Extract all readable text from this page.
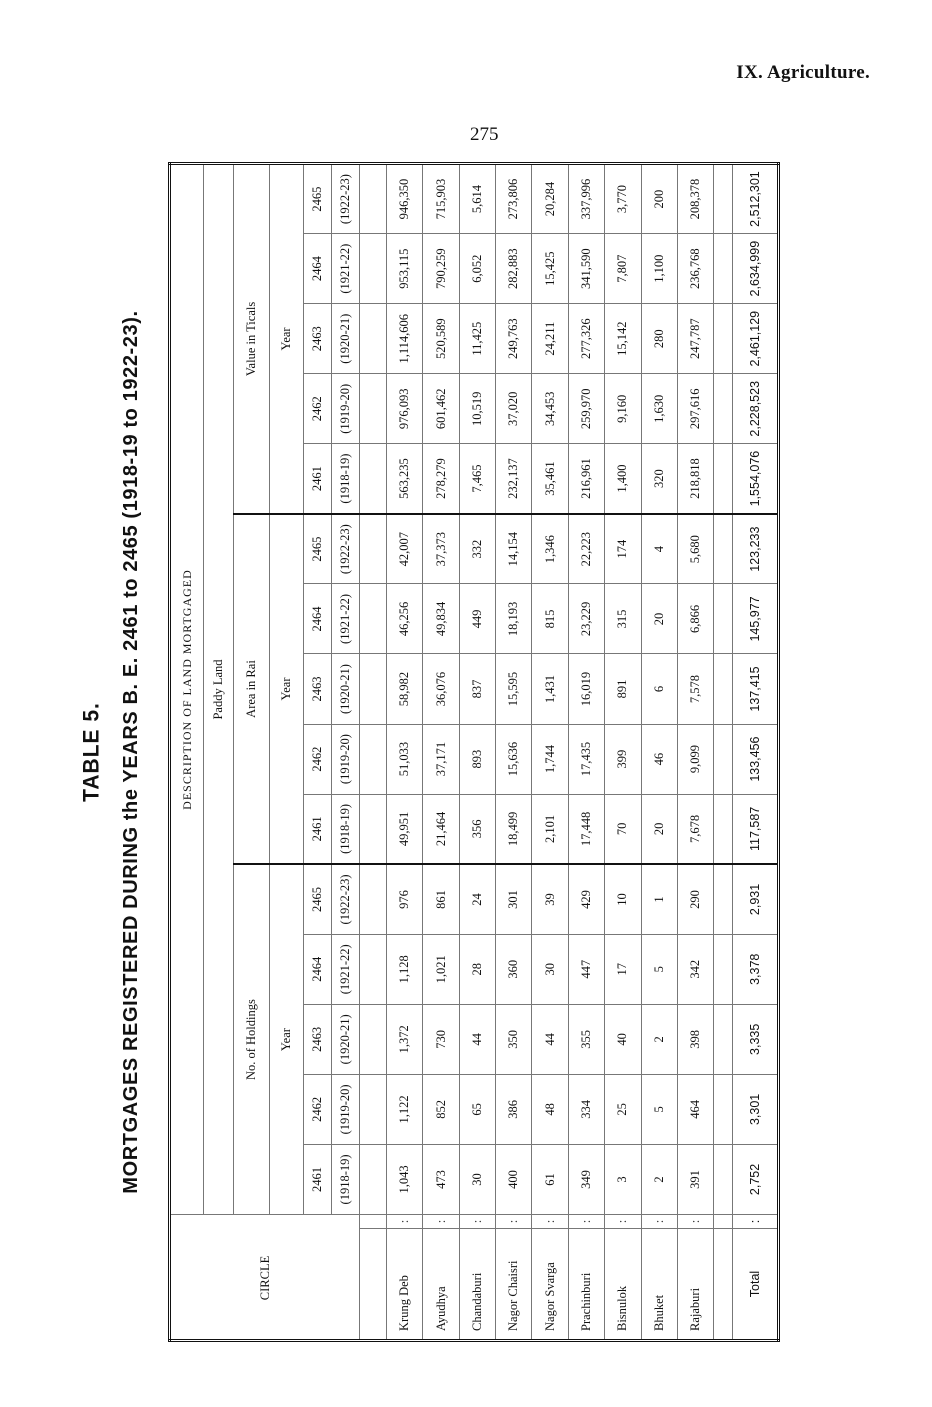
IX. Agriculture.
275
TABLE 5. MORTGAGES REGISTERED DURING the YEARS B. E. 2461 to 2465 (1918-19 to 1922-23).
CIRCLE		DESCRIPTION OF LAND MORTGAGED														
		Paddy Land														
		No. of Holdings					Area in Rai					Value in Ticals				
		Year					Year					Year				
		2461	2462	2463	2464	2465	2461	2462	2463	2464	2465	2461	2462	2463	2464	2465
		(1918-19)	(1919-20)	(1920-21)	(1921-22)	(1922-23)	(1918-19)	(1919-20)	(1920-21)	(1921-22)	(1922-23)	(1918-19)	(1919-20)	(1920-21)	(1921-22)	(1922-23)

Krung Deb	:	1,043	1,122	1,372	1,128	976	49,951	51,033	58,982	46,256	42,007	563,235	976,093	1,114,606	953,115	946,350
Ayudhya	:	473	852	730	1,021	861	21,464	37,171	36,076	49,834	37,373	278,279	601,462	520,589	790,259	715,903
Chandaburi	:	30	65	44	28	24	356	893	837	449	332	7,465	10,519	11,425	6,052	5,614
Nagor Chaisri	:	400	386	350	360	301	18,499	15,636	15,595	18,193	14,154	232,137	37,020	249,763	282,883	273,806
Nagor Svarga	:	61	48	44	30	39	2,101	1,744	1,431	815	1,346	35,461	34,453	24,211	15,425	20,284
Prachinburi	:	349	334	355	447	429	17,448	17,435	16,019	23,229	22,223	216,961	259,970	277,326	341,590	337,996
Bisnulok	:	3	25	40	17	10	70	399	891	315	174	1,400	9,160	15,142	7,807	3,770
Bhuket	:	2	5	2	5	1	20	46	6	20	4	320	1,630	280	1,100	200
Rajaburi	:	391	464	398	342	290	7,678	9,099	7,578	6,866	5,680	218,818	297,616	247,787	236,768	208,378

Total	:	2,752	3,301	3,335	3,378	2,931	117,587	133,456	137,415	145,977	123,233	1,554,076	2,228,523	2,461,129	2,634,999	2,512,301
